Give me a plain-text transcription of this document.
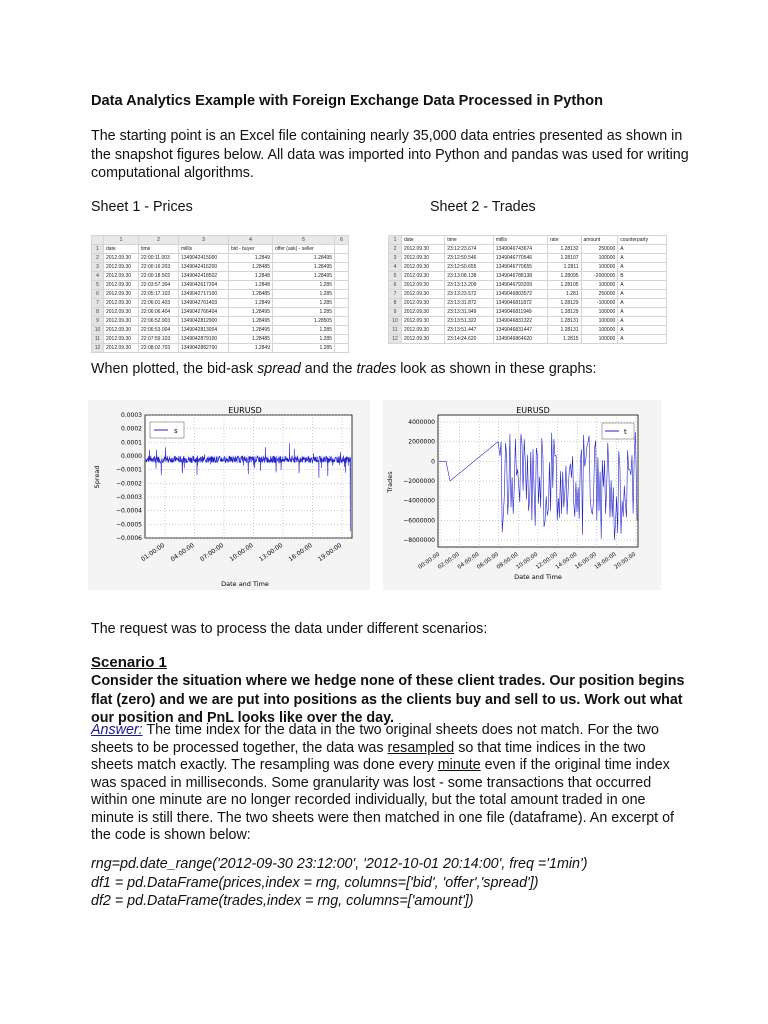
Data Analytics Example with Foreign Exchange Data Processed in Python
The starting point is an Excel file containing nearly 35,000 data entries presented as shown in the snapshot figures below. All data was imported into Python and pandas was used for writing computational algorithms.
Sheet 1 - Prices	Sheet 2 - Trades
	1	2	3	4	5	6
1	date	time	millis	bid - buyer	offer (ask) - seller	
2	2012.09.30	22:00:11.003	1349042415000	1.2849	1.28495	
3	2012.09.30	22:00:16.203	1349042416200	1.28485	1.28495	
4	2012.09.30	22:00:18.502	1349042418502	1.2848	1.28495	
5	2012.09.30	22:03:57.304	1349042617304	1.2848	1.285	
6	2012.09.30	22:05:17.103	1349042717100	1.28485	1.285	
7	2012.09.30	22:06:01.403	1349042761403	1.2849	1.285	
8	2012.09.30	22:06:06.404	1349042766404	1.28495	1.285	
9	2012.09.30	22:06:52.903	1349042812900	1.28495	1.28505	
10	2012.09.30	22:06:53.004	1349042813004	1.28495	1.285	
11	2012.09.30	22:07:59.103	1349042879100	1.28485	1.285	
12	2012.09.30	22:08:02.703	1349042882700	1.2849	1.285	
1	date	time	millis	rate	amount	counterparty
2	2012.09.30	23:12:23.674	1349046743674	1.28132	250000	A
3	2012.09.30	23:12:50.546	1349046770546	1.28107	100000	A
4	2012.09.30	23:12:50.655	1349046770655	1.2811	100000	A
5	2012.09.30	23:13:08.138	1349046788138	1.28095	-2000000	B
6	2012.09.30	23:13:13.209	1349046793209	1.28105	100000	A
7	2012.09.30	23:13:23.572	1349046803572	1.281	250000	A
8	2012.09.30	23:13:31.872	1349046811872	1.28129	-100000	A
9	2012.09.30	23:13:31.949	1349046811949	1.28129	100000	A
10	2012.09.30	23:13:51.322	1349046831322	1.28131	100000	A
11	2012.09.30	23:13:51.447	1349046831447	1.28131	100000	A
12	2012.09.30	23:14:24.620	1349046864620	1.2815	100000	A
When plotted, the bid-ask spread and the trades look as shown in these graphs:
EURUSD
0.0003
0.0002
0.0001
0.0000
−0.0001
−0.0002
−0.0003
−0.0004
−0.0005
−0.0006
01:00:00 04:00:00 07:00:00 10:00:00 13:00:00 16:00:00 19:00:00
s
Date and Time
Spread
EURUSD
4000000
2000000
0
−2000000
−4000000
−6000000
−8000000
00:00:00
02:00:00
04:00:00
06:00:00
08:00:00
10:00:00
12:00:00
14:00:00
16:00:00
18:00:00
20:00:00
t
Date and Time
Trades
The request was to process the data under different scenarios:
Scenario 1
Consider the situation where we hedge none of these client trades. Our position begins flat (zero) and we are put into positions as the clients buy and sell to us. Work out what our position and PnL looks like over the day.
Answer: The time index for the data in the two original sheets does not match. For the two sheets to be processed together, the data was resampled so that time indices in the two sheets match exactly. The resampling was done every minute even if the original time index was spaced in milliseconds. Some granularity was lost - some transactions that occurred within one minute are no longer recorded individually, but the total amount traded in one minute is still there. The two sheets were then matched in one file (dataframe). An excerpt of the code is shown below:
rng=pd.date_range('2012-09-30 23:12:00', '2012-10-01 20:14:00', freq ='1min')
df1 = pd.DataFrame(prices,index = rng, columns=['bid', 'offer','spread'])
df2 = pd.DataFrame(trades,index = rng, columns=['amount'])
